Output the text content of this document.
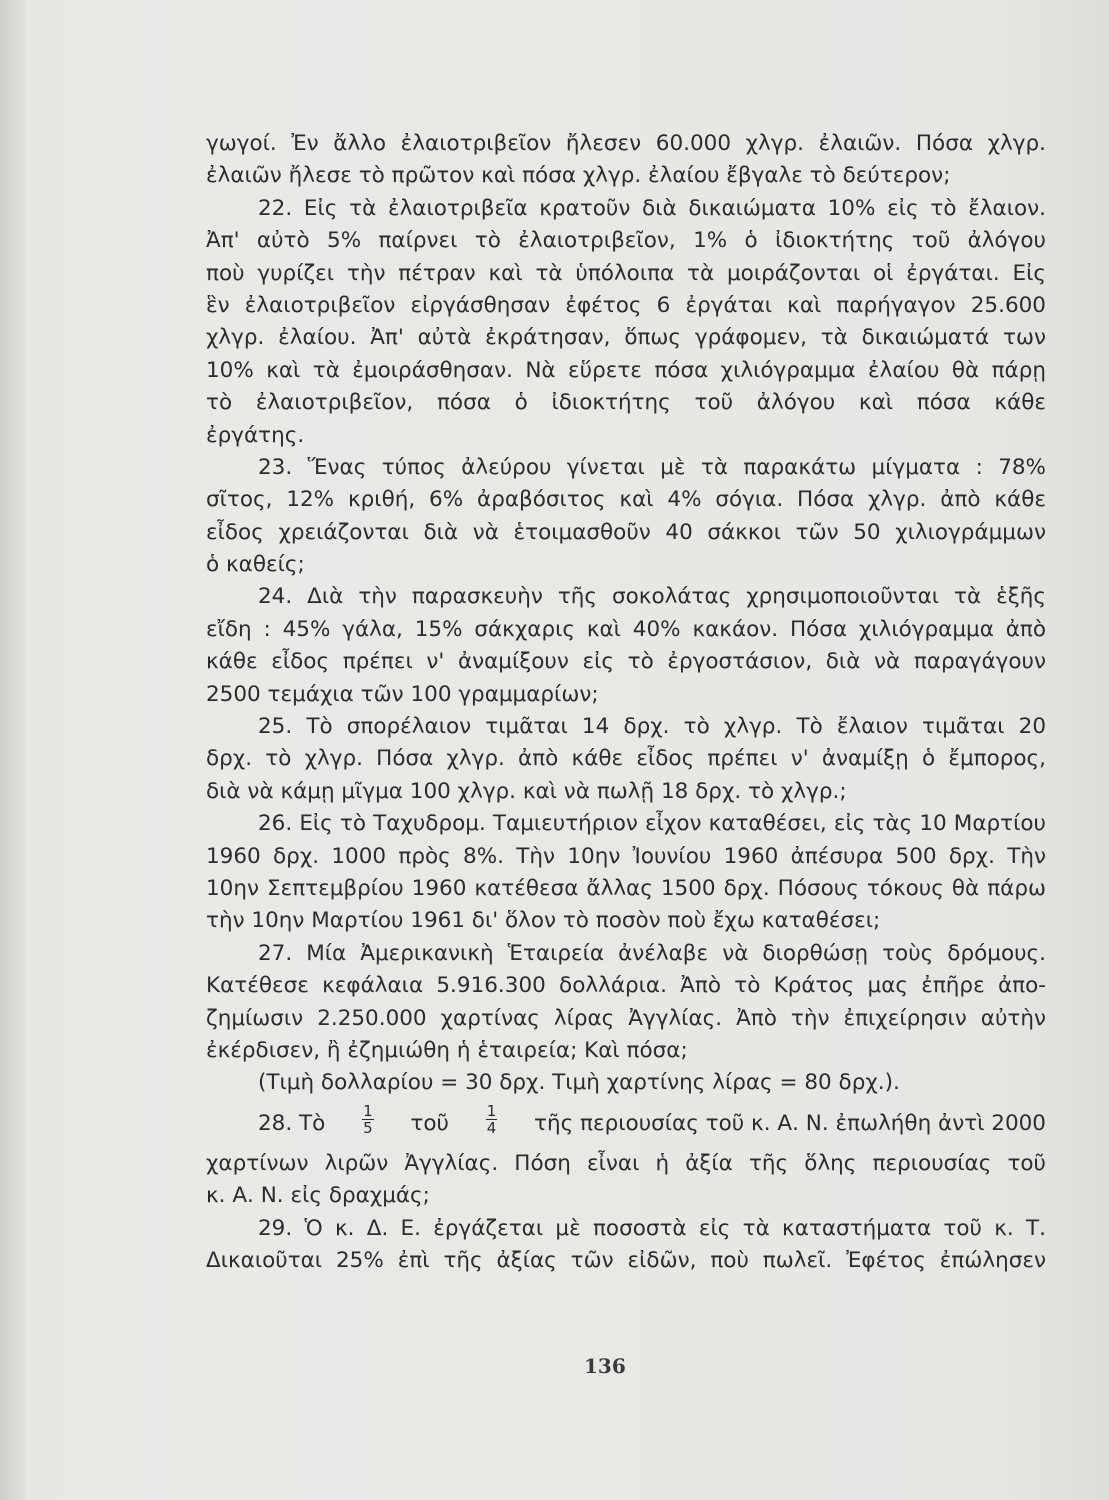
γωγοί. Ἐν ἄλλο ἐλαιοτριβεῖον ἤλεσεν 60.000 χλγρ. ἐλαιῶν. Πόσα χλγρ.
ἐλαιῶν ἤλεσε τὸ πρῶτον καὶ πόσα χλγρ. ἐλαίου ἔβγαλε τὸ δεύτερον;
22. Εἰς τὰ ἐλαιοτριβεῖα κρατοῦν διὰ δικαιώματα 10% εἰς τὸ ἔλαιον.
Ἀπ' αὐτὸ 5% παίρνει τὸ ἐλαιοτριβεῖον, 1% ὁ ἰδιοκτήτης τοῦ ἀλόγου
ποὺ γυρίζει τὴν πέτραν καὶ τὰ ὑπόλοιπα τὰ μοιράζονται οἱ ἐργάται. Εἰς
ἓν ἐλαιοτριβεῖον εἰργάσθησαν ἐφέτος 6 ἐργάται καὶ παρήγαγον 25.600
χλγρ. ἐλαίου. Ἀπ' αὐτὰ ἐκράτησαν, ὅπως γράφομεν, τὰ δικαιώματά των
10% καὶ τὰ ἐμοιράσθησαν. Νὰ εὕρετε πόσα χιλιόγραμμα ἐλαίου θὰ πάρῃ
τὸ ἐλαιοτριβεῖον, πόσα ὁ ἰδιοκτήτης τοῦ ἀλόγου καὶ πόσα κάθε
ἐργάτης.
23. Ἕνας τύπος ἀλεύρου γίνεται μὲ τὰ παρακάτω μίγματα : 78%
σῖτος, 12% κριθή, 6% ἀραβόσιτος καὶ 4% σόγια. Πόσα χλγρ. ἀπὸ κάθε
εἶδος χρειάζονται διὰ νὰ ἑτοιμασθοῦν 40 σάκκοι τῶν 50 χιλιογράμμων
ὁ καθείς;
24. Διὰ τὴν παρασκευὴν τῆς σοκολάτας χρησιμοποιοῦνται τὰ ἑξῆς
εἴδη : 45% γάλα, 15% σάκχαρις καὶ 40% κακάον. Πόσα χιλιόγραμμα ἀπὸ
κάθε εἶδος πρέπει ν' ἀναμίξουν εἰς τὸ ἐργοστάσιον, διὰ νὰ παραγάγουν
2500 τεμάχια τῶν 100 γραμμαρίων;
25. Τὸ σπορέλαιον τιμᾶται 14 δρχ. τὸ χλγρ. Τὸ ἔλαιον τιμᾶται 20
δρχ. τὸ χλγρ. Πόσα χλγρ. ἀπὸ κάθε εἶδος πρέπει ν' ἀναμίξῃ ὁ ἔμπορος,
διὰ νὰ κάμῃ μῖγμα 100 χλγρ. καὶ νὰ πωλῇ 18 δρχ. τὸ χλγρ.;
26. Εἰς τὸ Ταχυδρομ. Ταμιευτήριον εἶχον καταθέσει, εἰς τὰς 10 Μαρτίου
1960 δρχ. 1000 πρὸς 8%. Τὴν 10ην Ἰουνίου 1960 ἀπέσυρα 500 δρχ. Τὴν
10ην Σεπτεμβρίου 1960 κατέθεσα ἄλλας 1500 δρχ. Πόσους τόκους θὰ πάρω
τὴν 10ην Μαρτίου 1961 δι' ὅλον τὸ ποσὸν ποὺ ἔχω καταθέσει;
27. Μία Ἀμερικανικὴ Ἑταιρεία ἀνέλαβε νὰ διορθώσῃ τοὺς δρόμους.
Κατέθεσε κεφάλαια 5.916.300 δολλάρια. Ἀπὸ τὸ Κράτος μας ἐπῆρε ἀπο-
ζημίωσιν 2.250.000 χαρτίνας λίρας Ἀγγλίας. Ἀπὸ τὴν ἐπιχείρησιν αὐτὴν
ἐκέρδισεν, ἢ ἐζημιώθη ἡ ἑταιρεία; Καὶ πόσα;
(Τιμὴ δολλαρίου = 30 δρχ. Τιμὴ χαρτίνης λίρας = 80 δρχ.).
28. Τὸ $\frac{1}{5}$ τοῦ $\frac{1}{4}$ τῆς περιουσίας τοῦ κ. Α. Ν. ἐπωλήθη ἀντὶ 2000
χαρτίνων λιρῶν Ἀγγλίας. Πόση εἶναι ἡ ἀξία τῆς ὅλης περιουσίας τοῦ
κ. Α. Ν. εἰς δραχμάς;
29. Ὁ κ. Δ. Ε. ἐργάζεται μὲ ποσοστὰ εἰς τὰ καταστήματα τοῦ κ. Τ.
Δικαιοῦται 25% ἐπὶ τῆς ἀξίας τῶν εἰδῶν, ποὺ πωλεῖ. Ἐφέτος ἐπώλησεν
136
